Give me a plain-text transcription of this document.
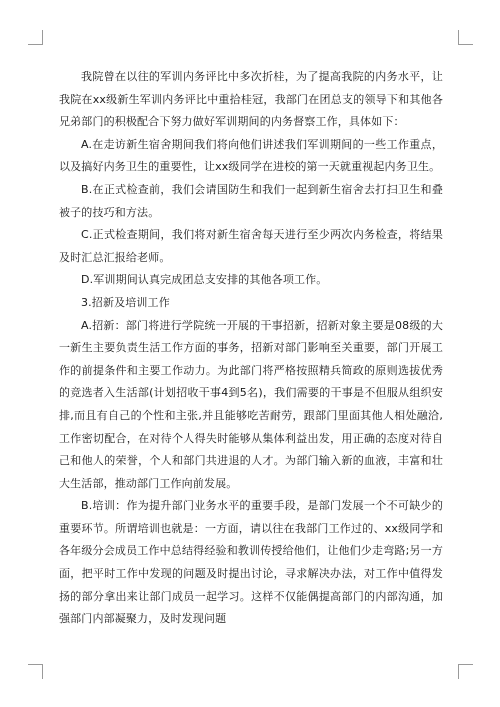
我院曾在以往的军训内务评比中多次折桂，为了提高我院的内务水平，让我院在xx级新生军训内务评比中重拾桂冠，我部门在团总支的领导下和其他各兄弟部门的积极配合下努力做好军训期间的内务督察工作，具体如下：

A.在走访新生宿舍期间我们将向他们讲述我们军训期间的一些工作重点，以及搞好内务卫生的重要性，让xx级同学在进校的第一天就重视起内务卫生。

B.在正式检查前，我们会请国防生和我们一起到新生宿舍去打扫卫生和叠被子的技巧和方法。

C.正式检查期间，我们将对新生宿舍每天进行至少两次内务检查，将结果及时汇总汇报给老师。

D.军训期间认真完成团总支安排的其他各项工作。

3.招新及培训工作

A.招新：部门将进行学院统一开展的干事招新，招新对象主要是08级的大一新生主要负责生活工作方面的事务，招新对部门影响至关重要，部门开展工作的前提条件和主要工作动力。为此部门将严格按照精兵简政的原则选拔优秀的竞选者入生活部(计划招收干事4到5名)，我们需要的干事是不但服从组织安排,而且有自己的个性和主张,并且能够吃苦耐劳，跟部门里面其他人相处融洽,工作密切配合，在对待个人得失时能够从集体利益出发，用正确的态度对待自己和他人的荣誉，个人和部门共进退的人才。为部门输入新的血液，丰富和壮大生活部，推动部门工作向前发展。

B.培训：作为提升部门业务水平的重要手段，是部门发展一个不可缺少的重要环节。所谓培训也就是：一方面，请以往在我部门工作过的、xx级同学和各年级分会成员工作中总结得经验和教训传授给他们，让他们少走弯路;另一方面，把平时工作中发现的问题及时提出讨论，寻求解决办法，对工作中值得发扬的部分拿出来让部门成员一起学习。这样不仅能偶提高部门的内部沟通，加强部门内部凝聚力，及时发现问题
